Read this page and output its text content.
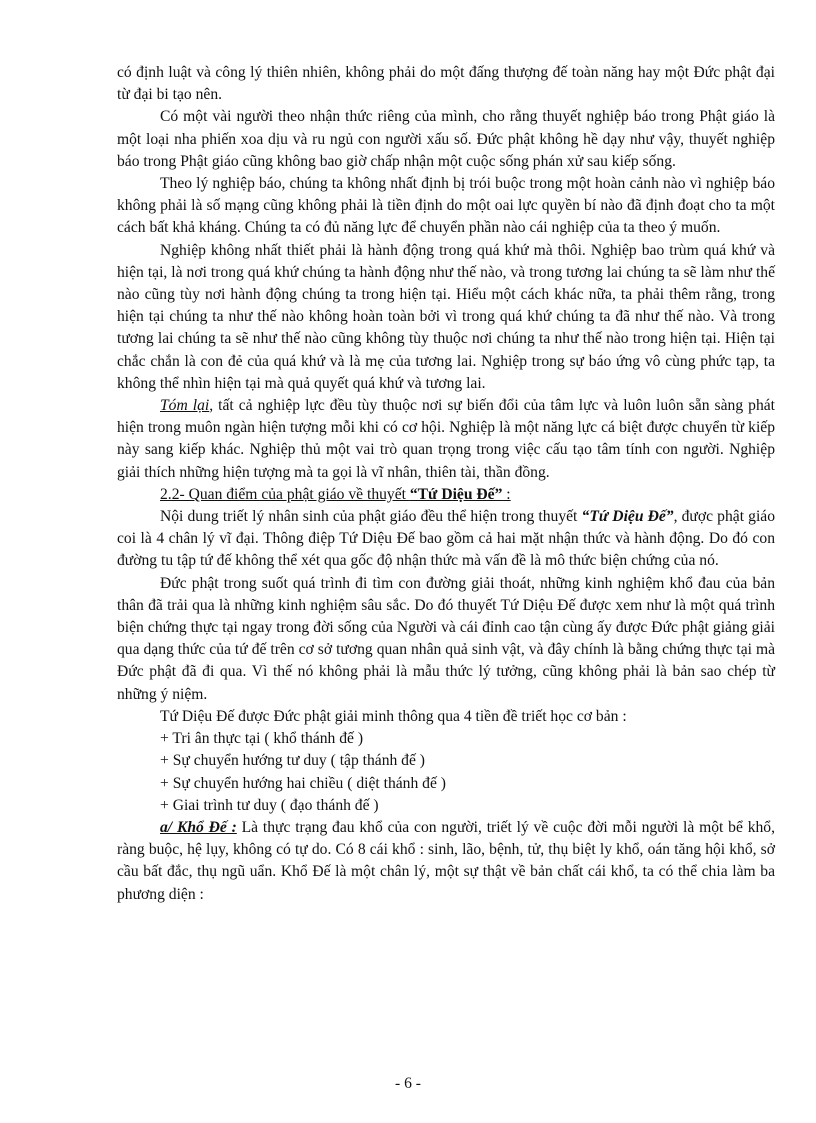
có định luật và công lý thiên nhiên, không phải do một đấng thượng đế toàn năng hay một Đức phật đại từ đại bi tạo nên.

Có một vài người theo nhận thức riêng của mình, cho rằng thuyết nghiệp báo trong Phật giáo là một loại nha phiến xoa dịu và ru ngủ con người xấu số. Đức phật không hề dạy như vậy, thuyết nghiệp báo trong Phật giáo cũng không bao giờ chấp nhận một cuộc sống phán xử sau kiếp sống.

Theo lý nghiệp báo, chúng ta không nhất định bị trói buộc trong một hoàn cảnh nào vì nghiệp báo không phải là số mạng cũng không phải là tiền định do một oai lực quyền bí nào đã định đoạt cho ta một cách bất khả kháng. Chúng ta có đủ năng lực để chuyển phần nào cái nghiệp của ta theo ý muốn.

Nghiệp không nhất thiết phải là hành động trong quá khứ mà thôi. Nghiệp bao trùm quá khứ và hiện tại, là nơi trong quá khứ chúng ta hành động như thế nào, và trong tương lai chúng ta sẽ làm như thế nào cũng tùy nơi hành động chúng ta trong hiện tại. Hiểu một cách khác nữa, ta phải thêm rằng, trong hiện tại chúng ta như thế nào không hoàn toàn bởi vì trong quá khứ chúng ta đã như thế nào. Và trong tương lai chúng ta sẽ như thế nào cũng không tùy thuộc nơi chúng ta như thế nào trong hiện tại. Hiện tại chắc chắn là con đẻ của quá khứ và là mẹ của tương lai. Nghiệp trong sự báo ứng vô cùng phức tạp, ta không thể nhìn hiện tại mà quả quyết quá khứ và tương lai.

Tóm lại, tất cả nghiệp lực đều tùy thuộc nơi sự biến đổi của tâm lực và luôn luôn sẵn sàng phát hiện trong muôn ngàn hiện tượng mỗi khi có cơ hội. Nghiệp là một năng lực cá biệt được chuyển từ kiếp này sang kiếp khác. Nghiệp thủ một vai trò quan trọng trong việc cấu tạo tâm tính con người. Nghiệp giải thích những hiện tượng mà ta gọi là vĩ nhân, thiên tài, thần đồng.

2.2- Quan điểm của phật giáo về thuyết “Tứ Diệu Đế” :

Nội dung triết lý nhân sinh của phật giáo đều thể hiện trong thuyết “Tứ Diệu Đế”, được phật giáo coi là 4 chân lý vĩ đại. Thông điệp Tứ Diệu Đế bao gồm cả hai mặt nhận thức và hành động. Do đó con đường tu tập tứ đế không thể xét qua gốc độ nhận thức mà vấn đề là mô thức biện chứng của nó.

Đức phật trong suốt quá trình đi tìm con đường giải thoát, những kinh nghiệm khổ đau của bản thân đã trải qua là những kinh nghiệm sâu sắc. Do đó thuyết Tứ Diệu Đế được xem như là một quá trình biện chứng thực tại ngay trong đời sống của Người và cái đỉnh cao tận cùng ấy được Đức phật giảng giải qua dạng thức của tứ đế trên cơ sở tương quan nhân quả sinh vật, và đây chính là bằng chứng thực tại mà Đức phật đã đi qua. Vì thế nó không phải là mẫu thức lý tưởng, cũng không phải là bản sao chép từ những ý niệm.

Tứ Diệu Đế được Đức phật giải minh thông qua 4 tiền đề triết học cơ bản :

+ Tri ân thực tại ( khổ thánh đế )

+ Sự chuyển hướng tư duy ( tập thánh đế )

+ Sự chuyển hướng hai chiều ( diệt thánh đế )

+ Giai trình tư duy ( đạo thánh đế )

a/ Khổ Đế : Là thực trạng đau khổ của con người, triết lý về cuộc đời mỗi người là một bể khổ, ràng buộc, hệ lụy, không có tự do. Có 8 cái khổ : sinh, lão, bệnh, tử, thụ biệt ly khổ, oán tăng hội khổ, sở cầu bất đắc, thụ ngũ uẩn. Khổ Đế là một chân lý, một sự thật về bản chất cái khổ, ta có thể chia làm ba phương diện :

- 6 -
